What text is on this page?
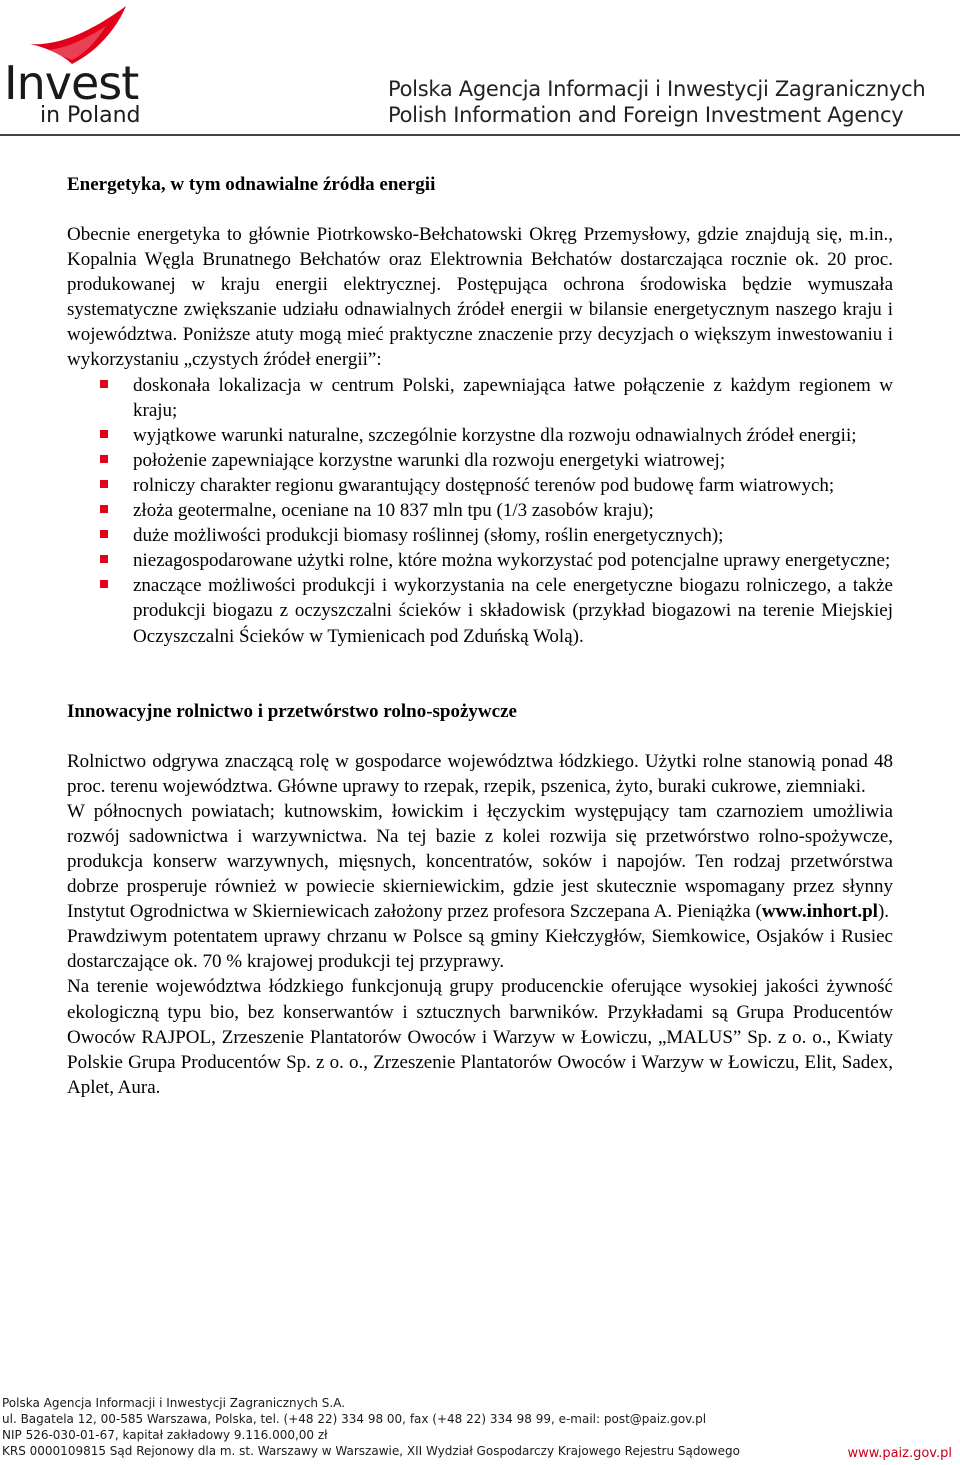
Invest
in Poland
Polska Agencja Informacji i Inwestycji Zagranicznych
Polish Information and Foreign Investment Agency
Energetyka, w tym odnawialne źródła energii

Obecnie energetyka to głównie Piotrkowsko-Bełchatowski Okręg Przemysłowy, gdzie znajdują się, m.in., Kopalnia Węgla Brunatnego Bełchatów oraz Elektrownia Bełchatów dostarczająca rocznie ok. 20 proc. produkowanej w kraju energii elektrycznej. Postępująca ochrona środowiska będzie wymuszała systematyczne zwiększanie udziału odnawialnych źródeł energii w bilansie energetycznym naszego kraju i województwa. Poniższe atuty mogą mieć praktyczne znaczenie przy decyzjach o większym inwestowaniu i wykorzystaniu „czystych źródeł energii”:

doskonała lokalizacja w centrum Polski, zapewniająca łatwe połączenie z każdym regionem w kraju;
wyjątkowe warunki naturalne, szczególnie korzystne dla rozwoju odnawialnych źródeł energii;
położenie zapewniające korzystne warunki dla rozwoju energetyki wiatrowej;
rolniczy charakter regionu gwarantujący dostępność terenów pod budowę farm wiatrowych;
złoża geotermalne, oceniane na 10 837 mln tpu (1/3 zasobów kraju);
duże możliwości produkcji biomasy roślinnej (słomy, roślin energetycznych);
niezagospodarowane użytki rolne, które można wykorzystać pod potencjalne uprawy energetyczne;
znaczące możliwości produkcji i wykorzystania na cele energetyczne biogazu rolniczego, a także produkcji biogazu z oczyszczalni ścieków i składowisk (przykład biogazowi na terenie Miejskiej Oczyszczalni Ścieków w Tymienicach pod Zduńską Wolą).
Innowacyjne rolnictwo i przetwórstwo rolno-spożywcze

Rolnictwo odgrywa znaczącą rolę w gospodarce województwa łódzkiego. Użytki rolne stanowią ponad 48 proc. terenu województwa. Główne uprawy to rzepak, rzepik, pszenica, żyto, buraki cukrowe, ziemniaki.

W północnych powiatach; kutnowskim, łowickim i łęczyckim występujący tam czarnoziem umożliwia rozwój sadownictwa i warzywnictwa. Na tej bazie z kolei rozwija się przetwórstwo rolno-spożywcze, produkcja konserw warzywnych, mięsnych, koncentratów, soków i napojów. Ten rodzaj przetwórstwa dobrze prosperuje również w powiecie skierniewickim, gdzie jest skutecznie wspomagany przez słynny Instytut Ogrodnictwa w Skierniewicach założony przez profesora Szczepana A. Pieniążka (www.inhort.pl).

Prawdziwym potentatem uprawy chrzanu w Polsce są gminy Kiełczygłów, Siemkowice, Osjaków i Rusiec dostarczające ok. 70 % krajowej produkcji tej przyprawy.

Na terenie województwa łódzkiego funkcjonują grupy producenckie oferujące wysokiej jakości żywność ekologiczną typu bio, bez konserwantów i sztucznych barwników. Przykładami są Grupa Producentów Owoców RAJPOL, Zrzeszenie Plantatorów Owoców i Warzyw w Łowiczu, „MALUS” Sp. z o. o., Kwiaty Polskie Grupa Producentów Sp. z o. o., Zrzeszenie Plantatorów Owoców i Warzyw w Łowiczu, Elit, Sadex, Aplet, Aura.

Polska Agencja Informacji i Inwestycji Zagranicznych S.A.
ul. Bagatela 12, 00-585 Warszawa, Polska, tel. (+48 22) 334 98 00, fax (+48 22) 334 98 99, e-mail: post@paiz.gov.pl
NIP 526-030-01-67, kapitał zakładowy 9.116.000,00 zł
KRS 0000109815 Sąd Rejonowy dla m. st. Warszawy w Warszawie, XII Wydział Gospodarczy Krajowego Rejestru Sądowego	www.paiz.gov.pl
